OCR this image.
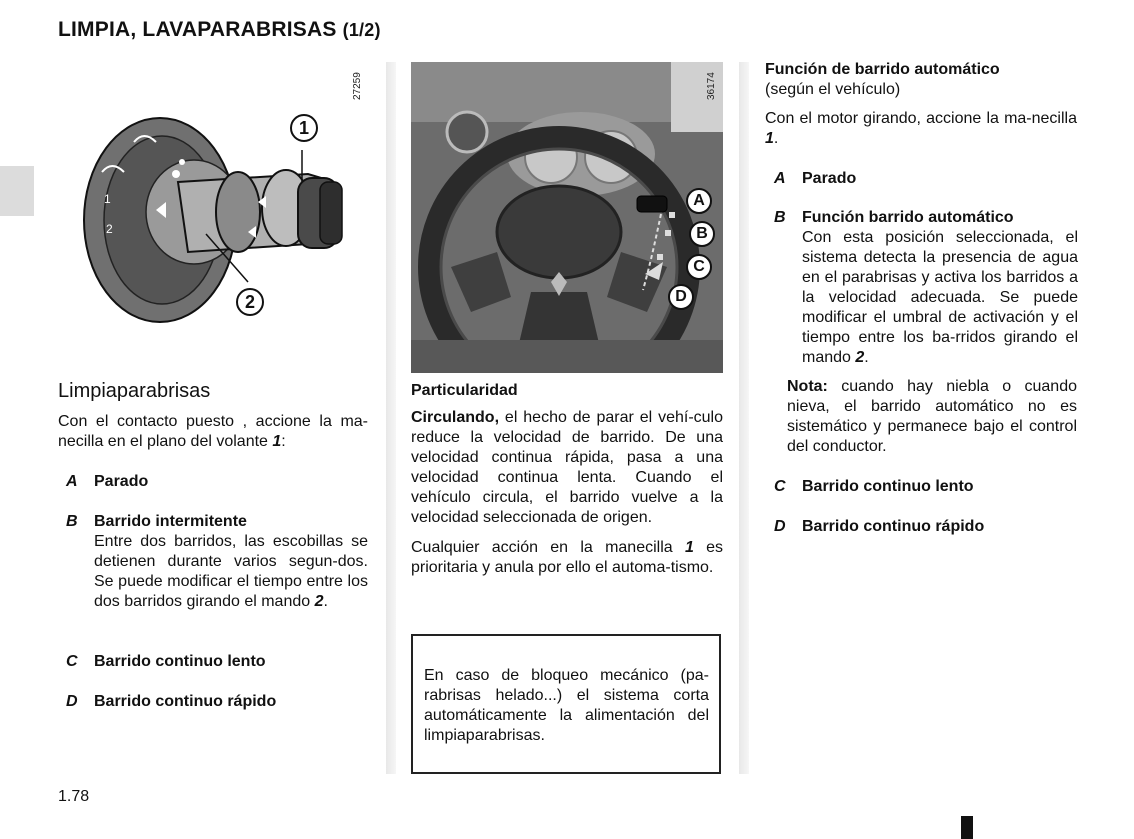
LIMPIA, LAVAPARABRISAS (1/2)
1
2
1
2
27259
A
B
C
D
36174
Limpiaparabrisas
Con el contacto puesto , accione la ma-necilla en el plano del volante 1:
A Parado
B Barrido intermitente
Entre dos barridos, las escobillas se detienen durante varios segun-dos. Se puede modificar el tiempo entre los dos barridos girando el mando 2.
C Barrido continuo lento
D Barrido continuo rápido
Particularidad
Circulando, el hecho de parar el vehí-culo reduce la velocidad de barrido. De una velocidad continua rápida, pasa a una velocidad continua lenta. Cuando el vehículo circula, el barrido vuelve a la velocidad seleccionada de origen.
Cualquier acción en la manecilla 1 es prioritaria y anula por ello el automa-tismo.
En caso de bloqueo mecánico (pa-rabrisas helado...) el sistema corta automáticamente la alimentación del limpiaparabrisas.
Función de barrido automático
(según el vehículo)
Con el motor girando, accione la ma-necilla 1.
A Parado
B Función barrido automático
Con esta posición seleccionada, el sistema detecta la presencia de agua en el parabrisas y activa los barridos a la velocidad adecuada. Se puede modificar el umbral de activación y el tiempo entre los ba-rridos girando el mando 2.
Nota: cuando hay niebla o cuando nieva, el barrido automático no es sistemático y permanece bajo el control del conductor.
C Barrido continuo lento
D Barrido continuo rápido
1.78
